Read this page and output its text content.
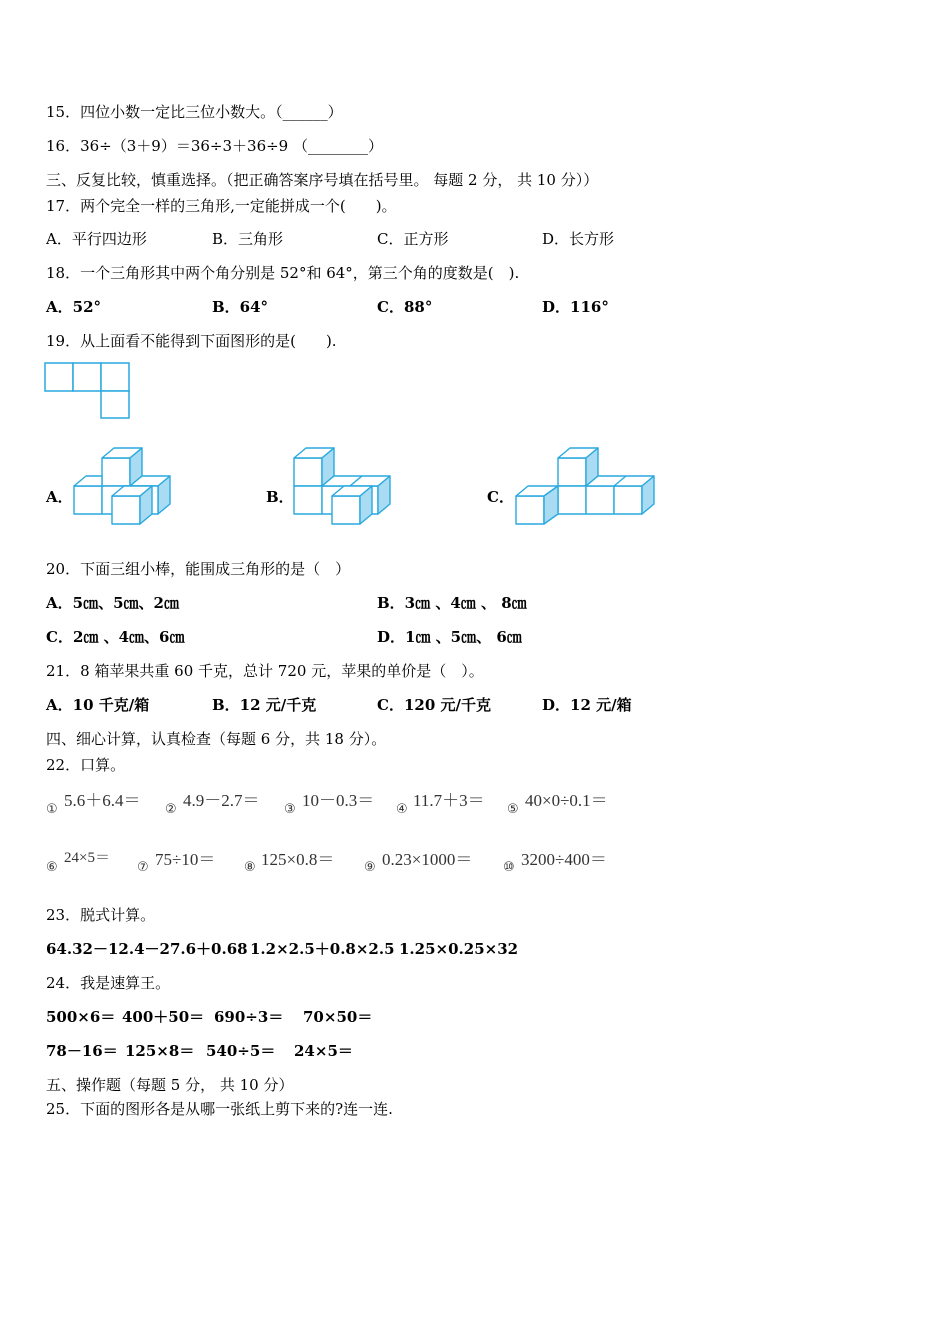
15．四位小数一定比三位小数大。（______）
16．36÷（3＋9）＝36÷3＋36÷9 （________）
三、反复比较，慎重选择。（把正确答案序号填在括号里。 每题 2 分， 共 10 分））
17．两个完全一样的三角形,一定能拼成一个(　　)。
A．平行四边形	B．三角形	C．正方形	D．长方形
18．一个三角形其中两个角分别是 52°和 64°，第三个角的度数是(　).
A．52°	B．64°	C．88°	D．116°
19．从上面看不能得到下面图形的是(　　).
A．	B．	C．
20．下面三组小棒，能围成三角形的是（　）
A．5㎝、5㎝、2㎝	B．3㎝ 、4㎝ 、 8㎝
C．2㎝ 、4㎝、6㎝	D．1㎝ 、5㎝、 6㎝
21．8 箱苹果共重 60 千克，总计 720 元，苹果的单价是（　）。
A．10 千克/箱	B．12 元/千克	C．120 元/千克	D．12 元/箱
四、细心计算，认真检查（每题 6 分，共 18 分）。
22．口算。
① 5.6＋6.4＝ ② 4.9－2.7＝ ③ 10－0.3＝ ④ 11.7＋3＝ ⑤ 40×0÷0.1＝
⑥
24×5＝
⑦ 75÷10＝ ⑧ 125×0.8＝ ⑨ 0.23×1000＝ ⑩ 3200÷400＝
23．脱式计算。
64.32－12.4－27.6＋0.68 1.2×2.5＋0.8×2.5 1.25×0.25×32
24．我是速算王。
500×6＝ 400＋50＝ 690÷3＝ 70×50＝
78－16＝ 125×8＝ 540÷5＝ 24×5＝
五、操作题（每题 5 分， 共 10 分）
25．下面的图形各是从哪一张纸上剪下来的?连一连.
